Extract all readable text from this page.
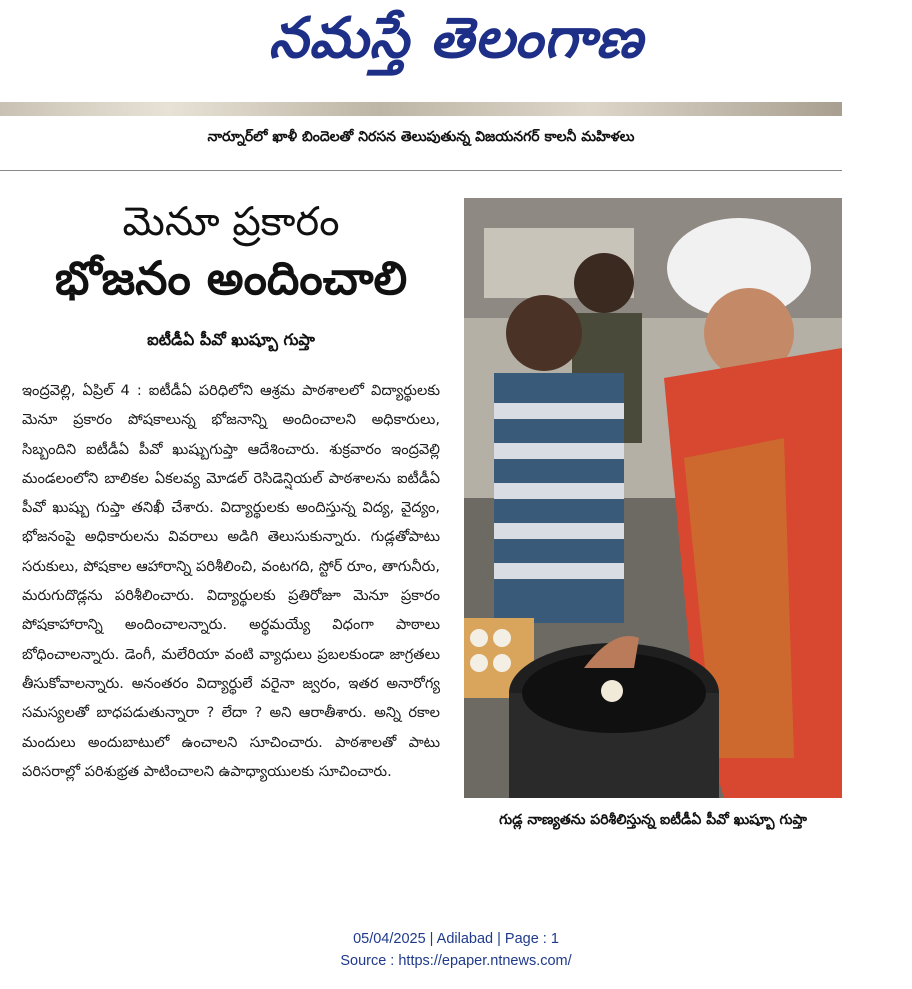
నమస్తే తెలంగాణ
నార్నూర్‌లో ఖాళీ బిందెలతో నిరసన తెలుపుతున్న విజయనగర్ కాలనీ మహిళలు
మెనూ ప్రకారం
భోజనం అందించాలి
ఐటీడీఏ పీవో ఖుష్బూ గుప్తా

ఇంద్రవెల్లి, ఏప్రిల్ 4 : ఐటీడీఏ పరిధిలోని ఆశ్రమ పాఠశాలలో విద్యార్థులకు మెనూ ప్రకారం పోషకాలున్న భోజనాన్ని అందించాలని అధికారులు, సిబ్బందిని ఐటీడీఏ పీవో ఖుష్బుగుప్తా ఆదేశించారు. శుక్రవారం ఇంద్రవెల్లి మండలంలోని బాలికల ఏకలవ్య మోడల్ రెసిడెన్షియల్ పాఠశాలను ఐటీడీఏ పీవో ఖుష్బు గుప్తా తనిఖీ చేశారు. విద్యార్థులకు అందిస్తున్న విద్య, వైద్యం, భోజనంపై అధికారులను వివరాలు అడిగి తెలుసుకున్నారు. గుడ్లతోపాటు సరుకులు, పోషకాల ఆహారాన్ని పరిశీలించి, వంటగది, స్టోర్ రూం, తాగునీరు, మరుగుదొడ్లను పరిశీలించారు. విద్యార్థులకు ప్రతిరోజూ మెనూ ప్రకారం పోషకాహారాన్ని అందించాలన్నారు. అర్థమయ్యే విధంగా పాఠాలు బోధించాలన్నారు. డెంగీ, మలేరియా వంటి వ్యాధులు ప్రబలకుండా జాగ్రతలు తీసుకోవాలన్నారు. అనంతరం విద్యార్థులే వరైనా జ్వరం, ఇతర అనారోగ్య సమస్యలతో బాధపడుతున్నారా ? లేదా ? అని ఆరాతీశారు. అన్ని రకాల మందులు అందుబాటులో ఉంచాలని సూచించారు. పాఠశాలతో పాటు పరిసరాల్లో పరిశుభ్రత పాటించాలని ఉపాధ్యాయులకు సూచించారు.

గుడ్ల నాణ్యతను పరిశీలిస్తున్న ఐటీడీఏ పీవో ఖుష్బూ గుప్తా
05/04/2025 | Adilabad | Page : 1
Source : https://epaper.ntnews.com/
